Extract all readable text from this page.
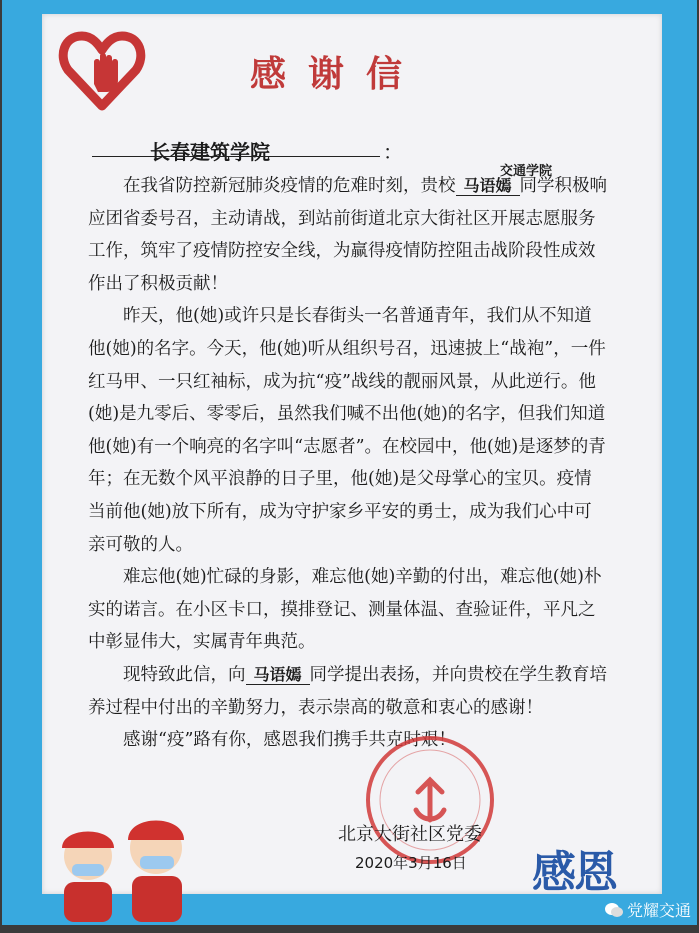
感谢信
长春建筑学院	：
交通学院

在我省防控新冠肺炎疫情的危难时刻，贵校 马语嫣 同学积极响应团省委号召，主动请战，到站前街道北京大街社区开展志愿服务工作，筑牢了疫情防控安全线，为赢得疫情防控阻击战阶段性成效作出了积极贡献！

昨天，他(她)或许只是长春街头一名普通青年，我们从不知道他(她)的名字。今天，他(她)听从组织号召，迅速披上“战袍”，一件红马甲、一只红袖标，成为抗“疫”战线的靓丽风景，从此逆行。他(她)是九零后、零零后，虽然我们喊不出他(她)的名字，但我们知道他(她)有一个响亮的名字叫“志愿者”。在校园中，他(她)是逐梦的青年；在无数个风平浪静的日子里，他(她)是父母掌心的宝贝。疫情当前他(她)放下所有，成为守护家乡平安的勇士，成为我们心中可亲可敬的人。

难忘他(她)忙碌的身影，难忘他(她)辛勤的付出，难忘他(她)朴实的诺言。在小区卡口，摸排登记、测量体温、查验证件，平凡之中彰显伟大，实属青年典范。

现特致此信，向 马语嫣 同学提出表扬，并向贵校在学生教育培养过程中付出的辛勤努力，表示崇高的敬意和衷心的感谢！

感谢“疫”路有你，感恩我们携手共克时艰！

北京大街社区党委
2020年3月16日 感恩
党耀交通
